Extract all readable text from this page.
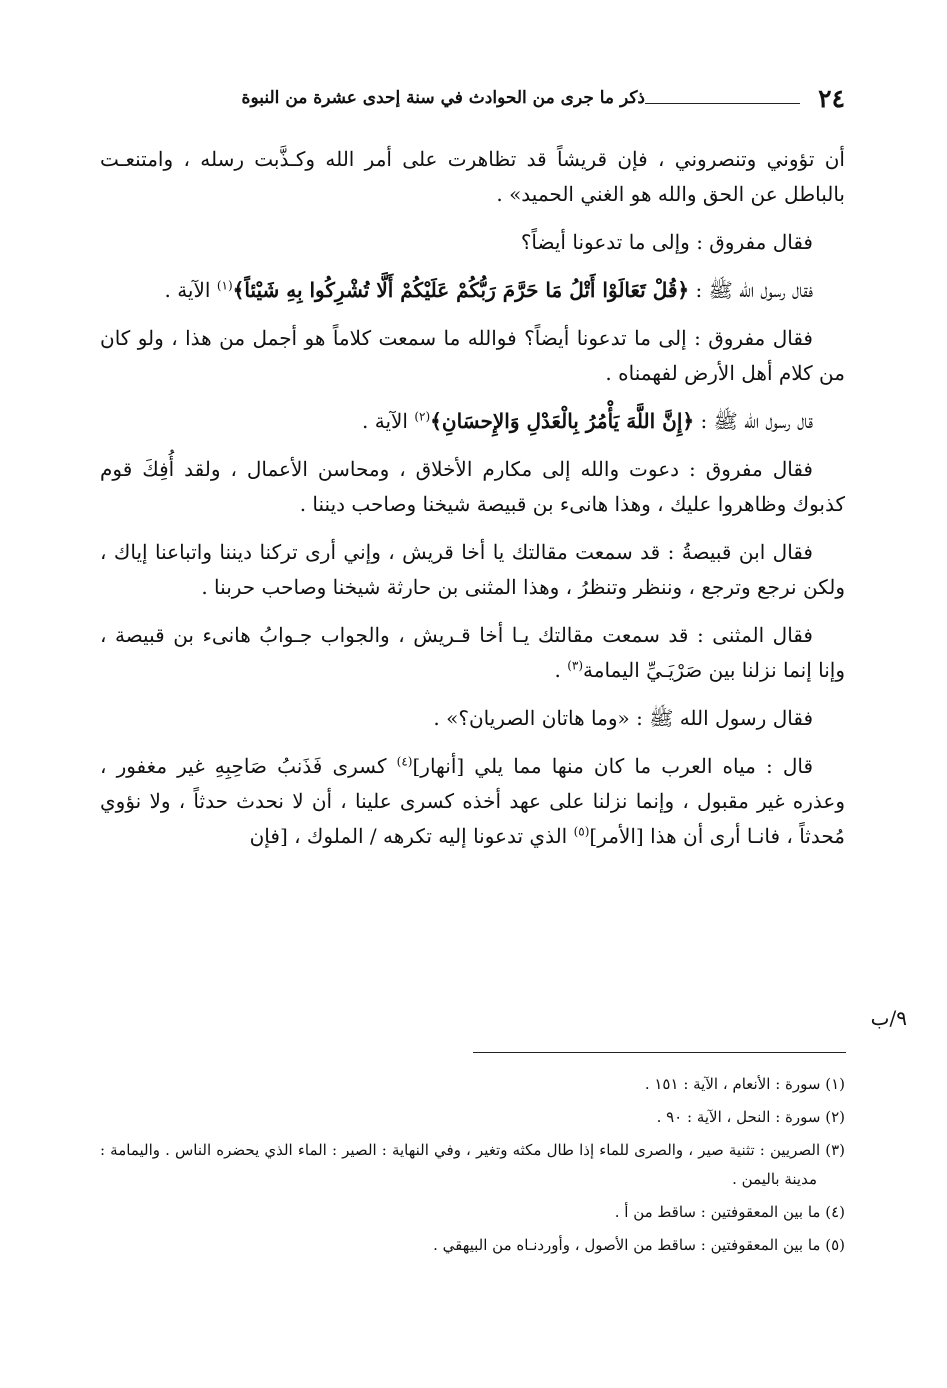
٢٤
ذكر ما جرى من الحوادث في سنة إحدى عشرة من النبوة

أن تؤوني وتنصروني ، فإن قريشاً قد تظاهرت على أمر الله وكـذَّبت رسله ، وامتنعـت بالباطل عن الحق والله هو الغني الحميد» .

فقال مفروق : وإلى ما تدعونا أيضاً؟

فقال رسول الله ﷺ : ﴿قُلْ تَعَالَوْا أَتْلُ مَا حَرَّمَ رَبُّكُمْ عَلَيْكُمْ أَلَّا تُشْرِكُوا بِهِ شَيْئاً﴾$^{(١)}$ الآية .

فقال مفروق : إلى ما تدعونا أيضاً؟ فوالله ما سمعت كلاماً هو أجمل من هذا ، ولو كان من كلام أهل الأرض لفهمناه .

قال رسول الله ﷺ : ﴿إِنَّ اللَّهَ يَأْمُرُ بِالْعَدْلِ وَالإِحسَانِ﴾$^{(٢)}$ الآية .

فقال مفروق : دعوت والله إلى مكارم الأخلاق ، ومحاسن الأعمال ، ولقد أُفِكَ قوم كذبوك وظاهروا عليك ، وهذا هانىء بن قبيصة شيخنا وصاحب ديننا .

فقال ابن قبيصةُ : قد سمعت مقالتك يا أخا قريش ، وإني أرى تركنا ديننا واتباعنا إياك ، ولكن نرجع وترجع ، وننظر وتنظرُ ، وهذا المثنى بن حارثة شيخنا وصاحب حربنا .

فقال المثنى : قد سمعت مقالتك يـا أخا قـريش ، والجواب جـوابُ هانىء بن قبيصة ، وإنا إنما نزلنا بين صَرْيَـيِّ اليمامة$^{(٣)}$ .

فقال رسول الله ﷺ : «وما هاتان الصريان؟» .

قال : مياه العرب ما كان منها مما يلي [أنهار]$^{(٤)}$ كسرى فَذَنبُ صَاحِبِهِ غير مغفور ، وعذره غير مقبول ، وإنما نزلنا على عهد أخذه كسرى علينا ، أن لا نحدث حدثاً ، ولا نؤوي مُحدثاً ، فانـا أرى أن هذا [الأمر]$^{(٥)}$ الذي تدعونا إليه تكرهه / الملوك ، [فإن

٩/ب

(١) سورة : الأنعام ، الآية : ١٥١ .

(٢) سورة : النحل ، الآية : ٩٠ .

(٣) الصريين : تثنية صير ، والصرى للماء إذا طال مكثه وتغير ، وفي النهاية : الصير : الماء الذي يحضره الناس . واليمامة : مدينة باليمن .

(٤) ما بين المعقوفتين : ساقط من أ .

(٥) ما بين المعقوفتين : ساقط من الأصول ، وأوردنـاه من البيهقي .
